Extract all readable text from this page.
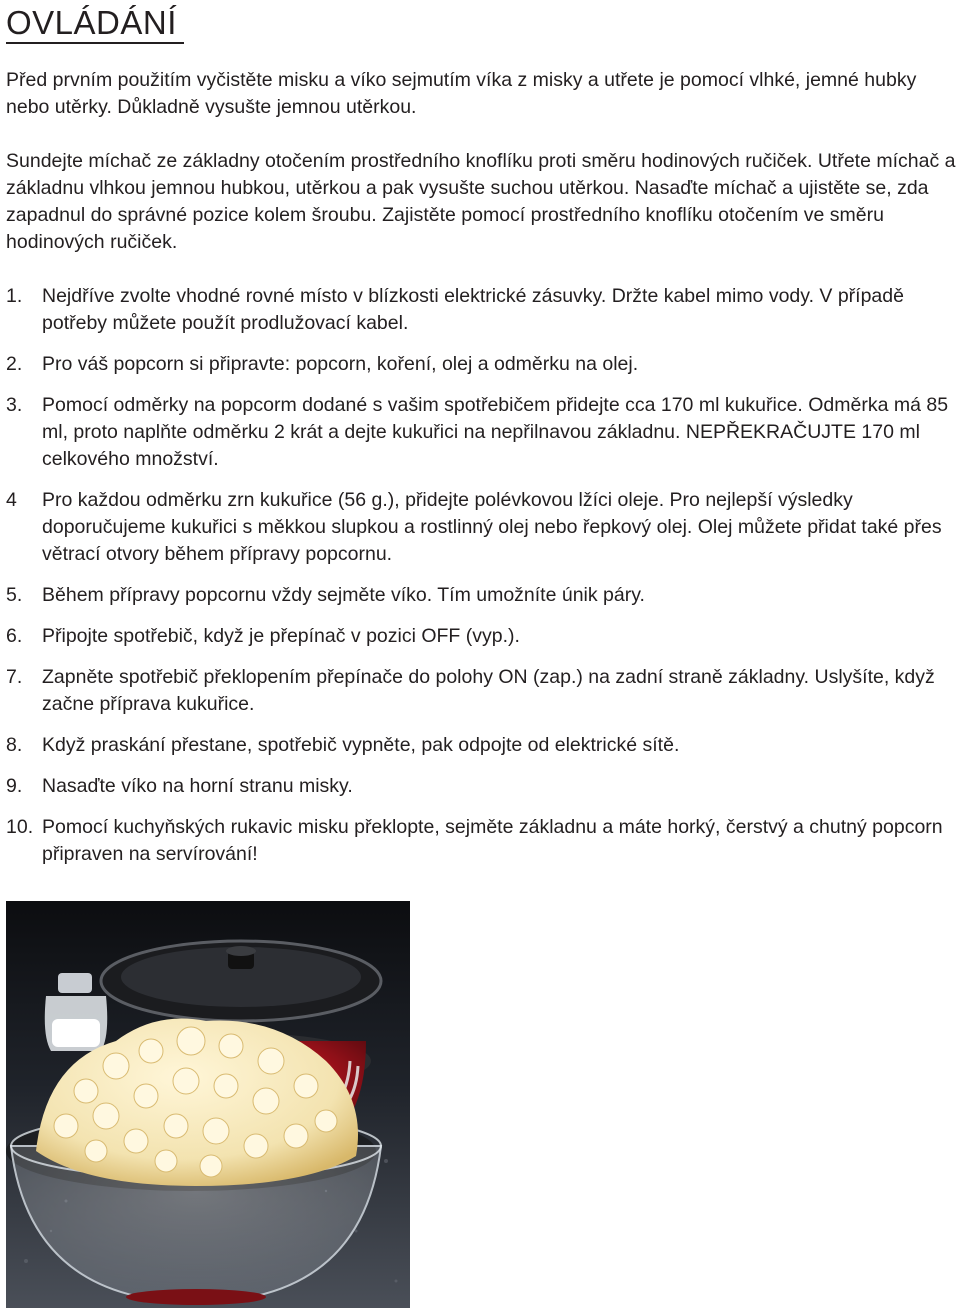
OVLÁDÁNÍ

Před prvním použitím vyčistěte misku a víko sejmutím víka z misky a utřete je pomocí vlhké, jemné hubky nebo utěrky. Důkladně vysušte jemnou utěrkou.

Sundejte míchač ze základny otočením prostředního knoflíku proti směru hodinových ručiček. Utřete míchač a základnu vlhkou jemnou hubkou, utěrkou a pak vysušte suchou utěrkou. Nasaďte míchač a ujistěte se, zda zapadnul do správné pozice kolem šroubu. Zajistěte pomocí prostředního knoflíku otočením ve směru hodinových ručiček.

1. Nejdříve zvolte vhodné rovné místo v blízkosti elektrické zásuvky. Držte kabel mimo vody. V případě potřeby můžete použít prodlužovací kabel.
2. Pro váš popcorn si připravte: popcorn, koření, olej a odměrku na olej.
3. Pomocí odměrky na popcorm dodané s vašim spotřebičem přidejte cca 170 ml kukuřice. Odměrka má 85 ml, proto naplňte odměrku 2 krát a dejte kukuřici na nepřilnavou základnu. NEPŘEKRAČUJTE 170 ml celkového množství.
4 Pro každou odměrku zrn kukuřice (56 g.), přidejte polévkovou lžíci oleje. Pro nejlepší výsledky doporučujeme kukuřici s měkkou slupkou a rostlinný olej nebo řepkový olej. Olej můžete přidat také přes větrací otvory během přípravy popcornu.
5. Během přípravy popcornu vždy sejměte víko. Tím umožníte únik páry.
6. Připojte spotřebič, když je přepínač v pozici OFF (vyp.).
7. Zapněte spotřebič překlopením přepínače do polohy ON (zap.) na zadní straně základny. Uslyšíte, když začne příprava kukuřice.
8. Když praskání přestane, spotřebič vypněte, pak odpojte od elektrické sítě.
9. Nasaďte víko na horní stranu misky.
10. Pomocí kuchyňských rukavic misku překlopte, sejměte základnu a máte horký, čerstvý a chutný popcorn připraven na servírování!
